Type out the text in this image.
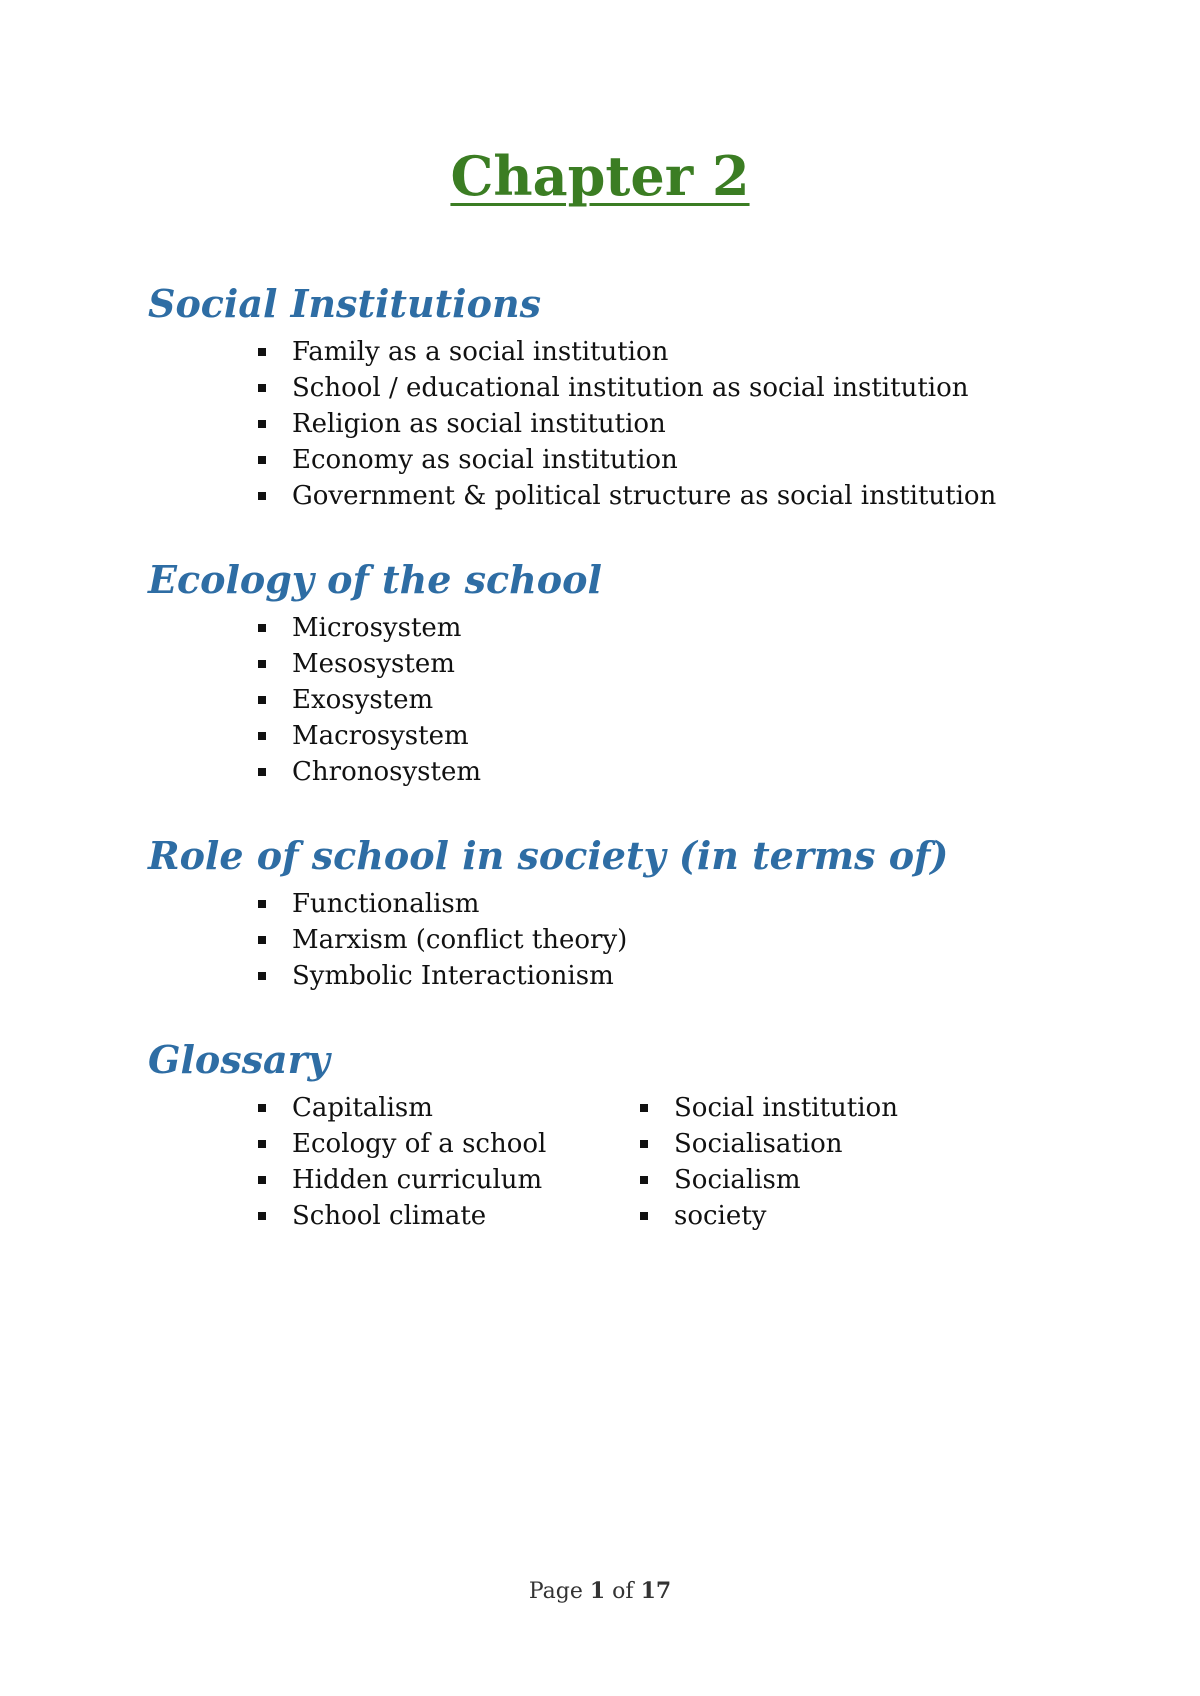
Chapter 2
Social Institutions
Family as a social institution
School / educational institution as social institution
Religion as social institution
Economy as social institution
Government & political structure as social institution
Ecology of the school
Microsystem
Mesosystem
Exosystem
Macrosystem
Chronosystem
Role of school in society (in terms of)
Functionalism
Marxism (conflict theory)
Symbolic Interactionism
Glossary
Capitalism
Ecology of a school
Hidden curriculum
School climate
Social institution
Socialisation
Socialism
society
Page 1 of 17
